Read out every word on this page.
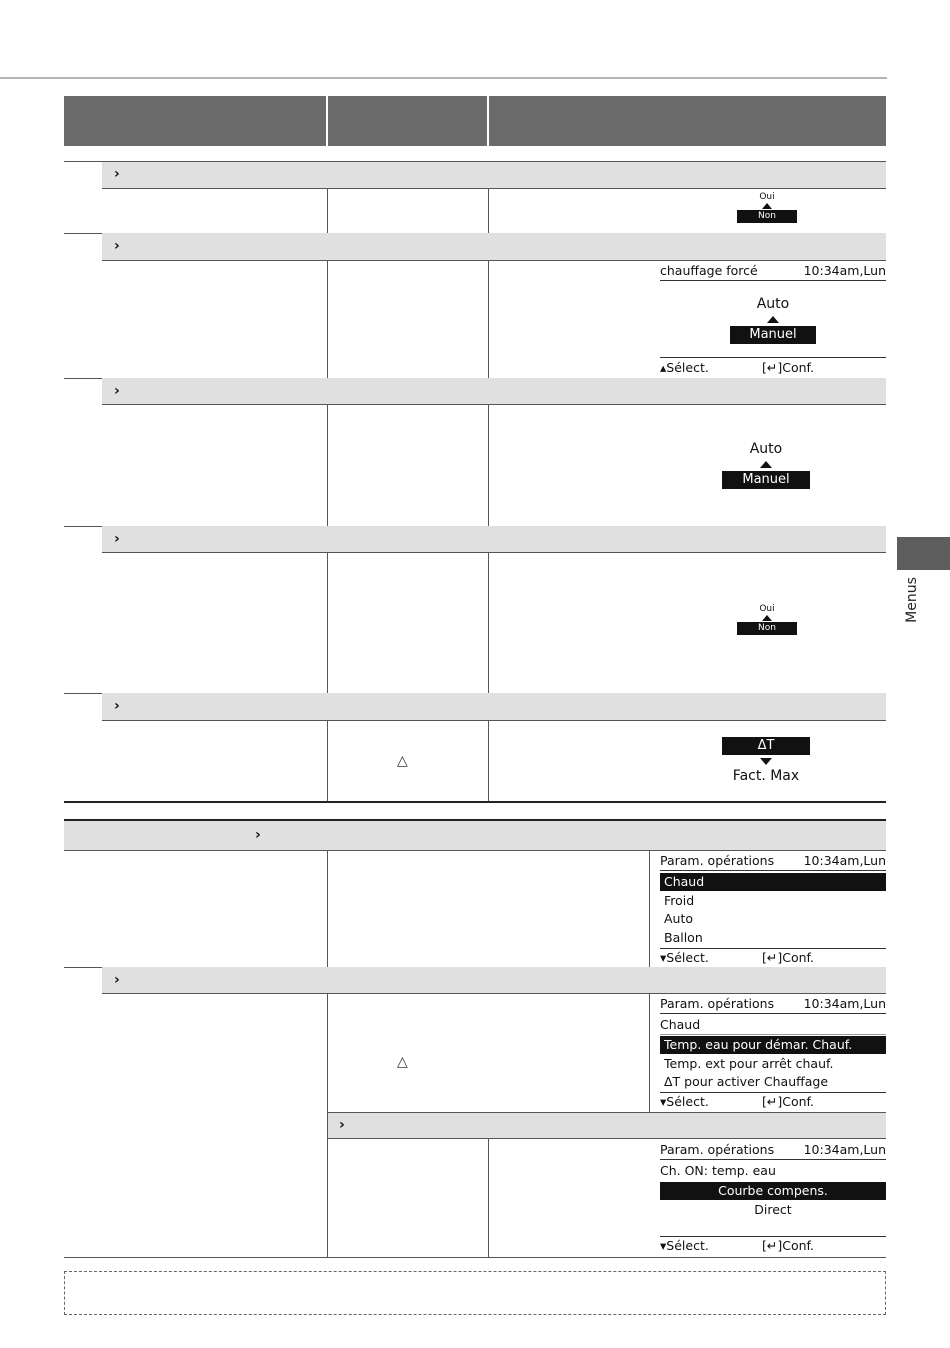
›
Oui
Non
›
chauffage forcé	10:34am,Lun
Auto
Manuel
▴Sélect.	[↵]Conf.
›
Auto
Manuel
›
Oui
Non
›
△
ΔT
Fact. Max
›
Param. opérations 10:34am,Lun
Chaud
Froid
Auto
Ballon
▾Sélect.	[↵]Conf.
›
△
Param. opérations 10:34am,Lun
Chaud
Temp. eau pour démar. Chauf.
Temp. ext pour arrêt chauf.
ΔT pour activer Chauffage
▾Sélect.	[↵]Conf.
›
Param. opérations 10:34am,Lun
Ch. ON: temp. eau
Courbe compens.
Direct
▾Sélect.	[↵]Conf.
Menus
